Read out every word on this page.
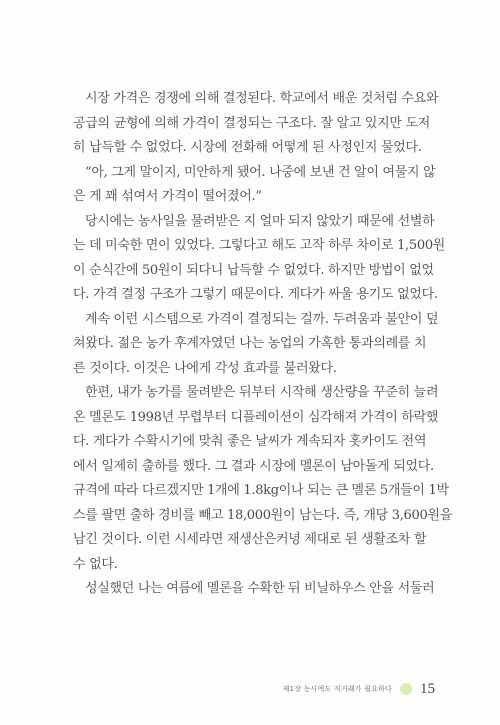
시장 가격은 경쟁에 의해 결정된다. 학교에서 배운 것처럼 수요와
공급의 균형에 의해 가격이 결정되는 구조다. 잘 알고 있지만 도저
히 납득할 수 없었다. 시장에 전화해 어떻게 된 사정인지 물었다.
“아, 그게 말이지, 미안하게 됐어. 나중에 보낸 건 알이 여물지 않
은 게 꽤 섞여서 가격이 떨어졌어.”
당시에는 농사일을 물려받은 지 얼마 되지 않았기 때문에 선별하
는 데 미숙한 면이 있었다. 그렇다고 해도 고작 하루 차이로 1,500원
이 순식간에 50원이 되다니 납득할 수 없었다. 하지만 방법이 없었
다. 가격 결정 구조가 그렇기 때문이다. 게다가 싸울 용기도 없었다.
계속 이런 시스템으로 가격이 결정되는 걸까. 두려움과 불안이 덮
쳐왔다. 젊은 농가 후계자였던 나는 농업의 가혹한 통과의례를 치
른 것이다. 이것은 나에게 각성 효과를 불러왔다.
한편, 내가 농가를 물려받은 뒤부터 시작해 생산량을 꾸준히 늘려
온 멜론도 1998년 무렵부터 디플레이션이 심각해져 가격이 하락했
다. 게다가 수확시기에 맞춰 좋은 날씨가 계속되자 홋카이도 전역
에서 일제히 출하를 했다. 그 결과 시장에 멜론이 남아돌게 되었다.
규격에 따라 다르겠지만 1개에 1.8kg이나 되는 큰 멜론 5개들이 1박
스를 팔면 출하 경비를 빼고 18,000원이 남는다. 즉, 개당 3,600원을
남긴 것이다. 이런 시세라면 재생산은커녕 제대로 된 생활조차 할
수 없다.
성실했던 나는 여름에 멜론을 수확한 뒤 비닐하우스 안을 서둘러
제1장 농사에도 직거래가 필요하다 15
